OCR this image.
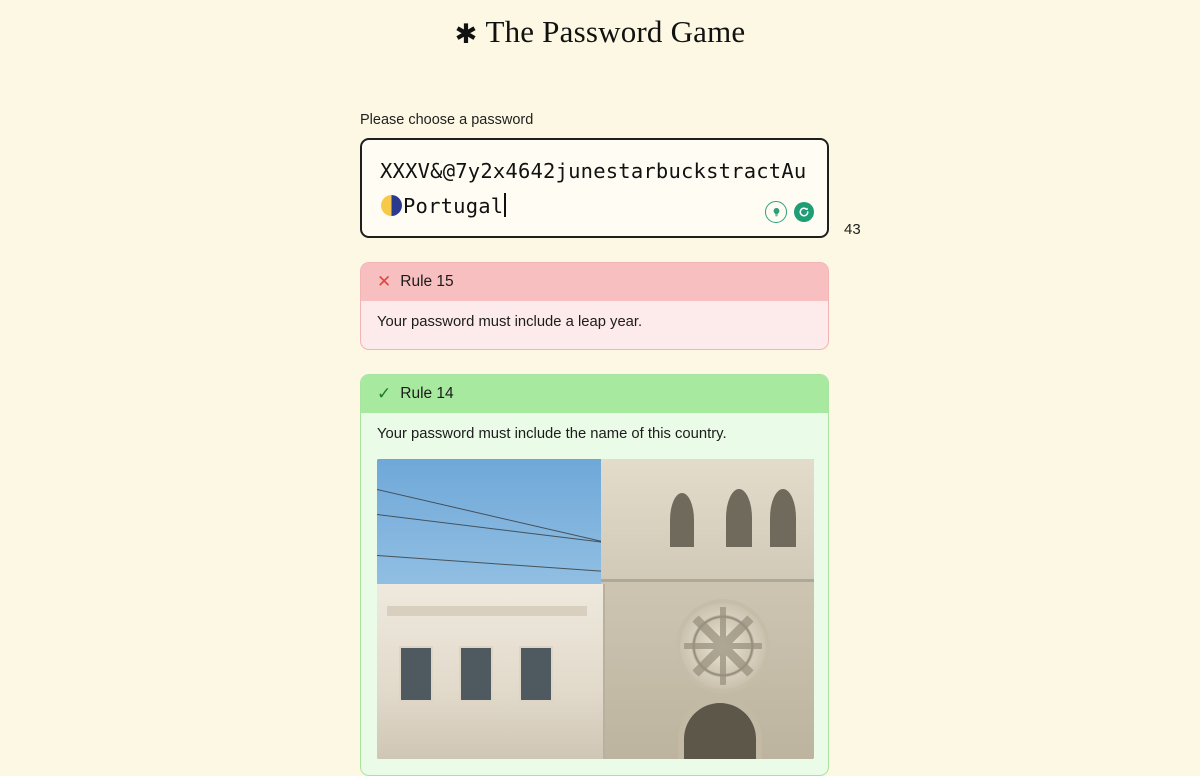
✱ The Password Game
Please choose a password
XXXV&@7y2x4642junestarbuckstractAuPortugal
43
✕ Rule 15
Your password must include a leap year.
✓ Rule 14
Your password must include the name of this country.
